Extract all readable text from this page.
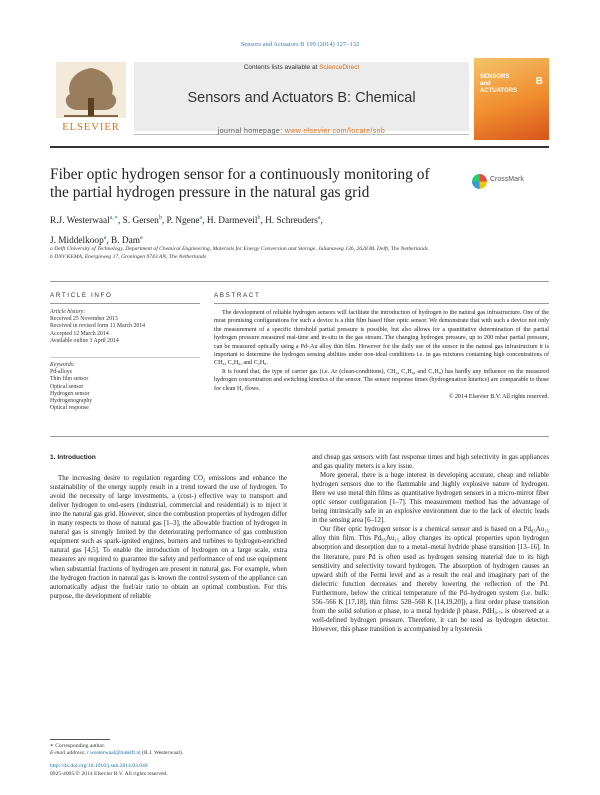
Sensors and Actuators B 199 (2014) 127–132
ELSEVIER
Contents lists available at ScienceDirect
Sensors and Actuators B: Chemical
journal homepage: www.elsevier.com/locate/snb
SENSORS and ACTUATORS
B
Fiber optic hydrogen sensor for a continuously monitoring of the partial hydrogen pressure in the natural gas grid
CrossMark
R.J. Westerwaal$^{a,∗}$, S. Gersen$^b$, P. Ngene$^a$, H. Darmeveil$^b$, H. Schreuders$^a$,
J. Middelkoop$^a$, B. Dam$^a$
a Delft University of Technology, Department of Chemical Engineering, Materials for Energy Conversion and Storage, Julianaweg 136, 2628 BL Delft, The Netherlands
b DNV KEMA, Energieweg 17, Groningen 9743 AN, The Netherlands
ARTICLE INFO
Article history:
Received 25 November 2013
Received in revised form 11 March 2014
Accepted 12 March 2014
Available online 3 April 2014
Keywords:
Pd-alloys
Thin film sensor
Optical sensor
Hydrogen sensor
Hydrogenography
Optical response
ABSTRACT

The development of reliable hydrogen sensors will facilitate the introduction of hydrogen to the natural gas infrastructure. One of the most promising configurations for such a device is a thin film based fiber optic sensor. We demonstrate that with such a device not only the measurement of a specific threshold partial pressure is possible, but also allows for a quantitative determination of the partial hydrogen pressure measured real-time and in-situ in the gas stream. The changing hydrogen pressure, up to 200 mbar partial pressure, can be measured optically using a Pd–Au alloy thin film. However for the daily use of the sensor in the natural gas infrastructure it is important to determine the hydrogen sensing abilities under non-ideal conditions i.e. in gas mixtures containing high concentrations of CH₄, C₂H₆, and C₃H₈.

It is found that, the type of carrier gas (i.e. Ar (clean-conditions), CH₄, C₂H₆, and C₃H₈) has hardly any influence on the measured hydrogen concentration and switching kinetics of the sensor. The sensor response times (hydrogenation kinetics) are comparable to those for clean H₂ flows.

© 2014 Elsevier B.V. All rights reserved.
1. Introduction

The increasing desire to regulation regarding CO₂ emissions and enhance the sustainability of the energy supply result in a trend toward the use of hydrogen. To avoid the necessity of large investments, a (cost-) effective way to transport and deliver hydrogen to end-users (industrial, commercial and residential) is to inject it into the natural gas grid. However, since the combustion properties of hydrogen differ in many respects to those of natural gas [1–3], the allowable fraction of hydrogen in natural gas is strongly limited by the deteriorating performance of gas combustion equipment such as spark-ignited engines, burners and turbines to hydrogen-enriched natural gas [4,5]. To enable the introduction of hydrogen on a large scale, extra measures are required to guarantee the safety and performance of end use equipment when substantial fractions of hydrogen are present in natural gas. For example, when the hydrogen fraction in natural gas is known the control system of the appliance can automatically adjust the fuel/air ratio to obtain an optimal combustion. For this purpose, the development of reliable

and cheap gas sensors with fast response times and high selectivity in gas appliances and gas quality meters is a key issue.

More general, there is a huge interest in developing accurate, cheap and reliable hydrogen sensors due to the flammable and highly explosive nature of hydrogen. Here we use metal thin films as quantitative hydrogen sensors in a micro-mirror fiber optic sensor configuration [1–7]. This measurement method has the advantage of being intrinsically safe in an explosive environment due to the lack of electric leads in the sensing area [6–12].

Our fiber optic hydrogen sensor is a chemical sensor and is based on a Pd₈₅Au₁₅ alloy thin film. This Pd₈₅Au₁₅ alloy changes its optical properties upon hydrogen absorption and desorption due to a metal–metal hydride phase transition [13–16]. In the literature, pure Pd is often used as hydrogen sensing material due to its high sensitivity and selectivity toward hydrogen. The absorption of hydrogen causes an upward shift of the Fermi level and as a result the real and imaginary part of the dielectric function decreases and thereby lowering the reflection of the Pd. Furthermore, below the critical temperature of the Pd–hydrogen system (i.e. bulk: 556–566 K [17,18], thin films: 528–568 K [14,19,20]), a first order phase transition from the solid solution α phase, to a metal hydride β phase, PdH₀.₇, is observed at a well-defined hydrogen pressure. Therefore, it can be used as hydrogen detector. However, this phase transition is accompanied by a hysteresis

∗ Corresponding author.
E-mail address: r.westerwaal@tudelft.nl (R.J. Westerwaal).
http://dx.doi.org/10.1016/j.snb.2014.03.048
0925-4005/© 2014 Elsevier B.V. All rights reserved.
